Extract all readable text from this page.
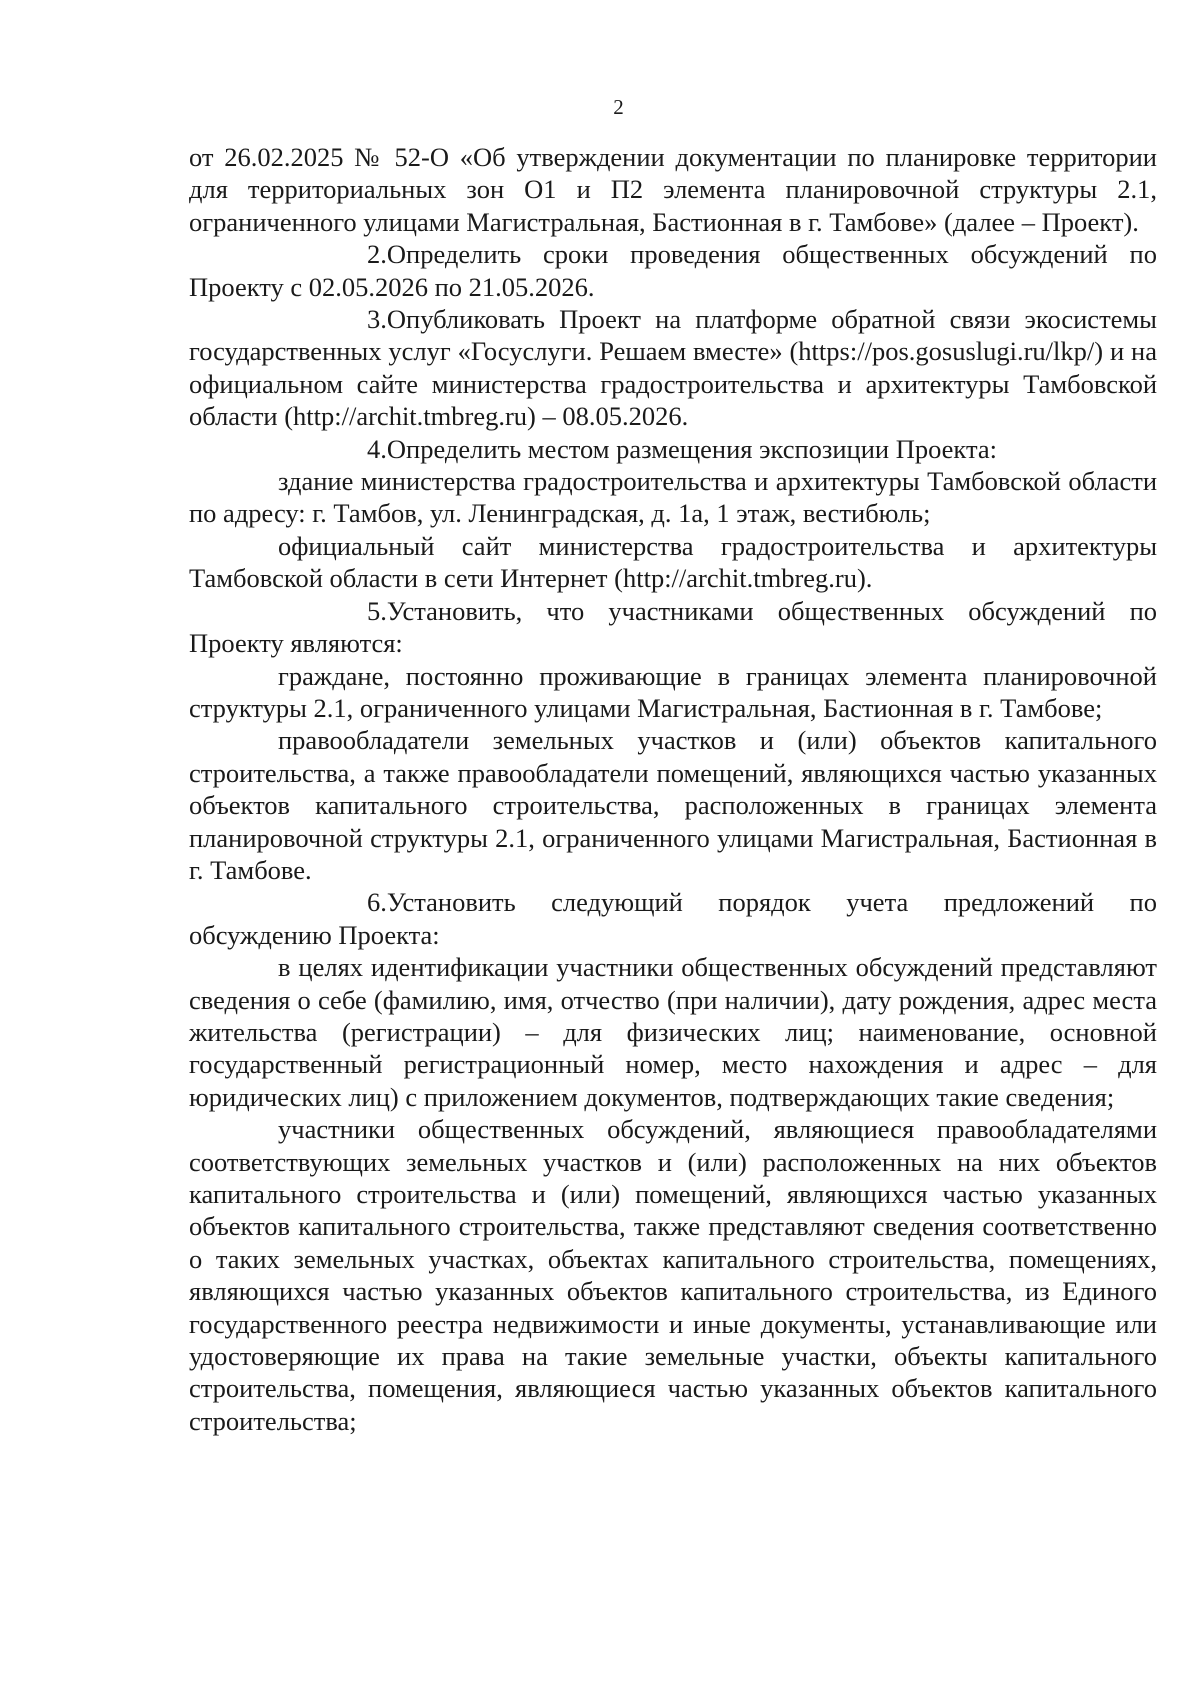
2

от 26.02.2025 № 52-О «Об утверждении документации по планировке территории для территориальных зон О1 и П2 элемента планировочной структуры 2.1, ограниченного улицами Магистральная, Бастионная в г. Тамбове» (далее – Проект).

2.Определить сроки проведения общественных обсуждений по Проекту с 02.05.2026 по 21.05.2026.

3.Опубликовать Проект на платформе обратной связи экосистемы государственных услуг «Госуслуги. Решаем вместе» (https://pos.gosuslugi.ru/lkp/) и на официальном сайте министерства градостроительства и архитектуры Тамбовской области (http://archit.tmbreg.ru) – 08.05.2026.

4.Определить местом размещения экспозиции Проекта:

здание министерства градостроительства и архитектуры Тамбовской области по адресу: г. Тамбов, ул. Ленинградская, д. 1а, 1 этаж, вестибюль;

официальный сайт министерства градостроительства и архитектуры Тамбовской области в сети Интернет (http://archit.tmbreg.ru).

5.Установить, что участниками общественных обсуждений по Проекту являются:

граждане, постоянно проживающие в границах элемента планировочной структуры 2.1, ограниченного улицами Магистральная, Бастионная в г. Тамбове;

правообладатели земельных участков и (или) объектов капитального строительства, а также правообладатели помещений, являющихся частью указанных объектов капитального строительства, расположенных в границах элемента планировочной структуры 2.1, ограниченного улицами Магистральная, Бастионная в г. Тамбове.

6.Установить следующий порядок учета предложений по обсуждению Проекта:

в целях идентификации участники общественных обсуждений представляют сведения о себе (фамилию, имя, отчество (при наличии), дату рождения, адрес места жительства (регистрации) – для физических лиц; наименование, основной государственный регистрационный номер, место нахождения и адрес – для юридических лиц) с приложением документов, подтверждающих такие сведения;

участники общественных обсуждений, являющиеся правообладателями соответствующих земельных участков и (или) расположенных на них объектов капитального строительства и (или) помещений, являющихся частью указанных объектов капитального строительства, также представляют сведения соответственно о таких земельных участках, объектах капитального строительства, помещениях, являющихся частью указанных объектов капитального строительства, из Единого государственного реестра недвижимости и иные документы, устанавливающие или удостоверяющие их права на такие земельные участки, объекты капитального строительства, помещения, являющиеся частью указанных объектов капитального строительства;
